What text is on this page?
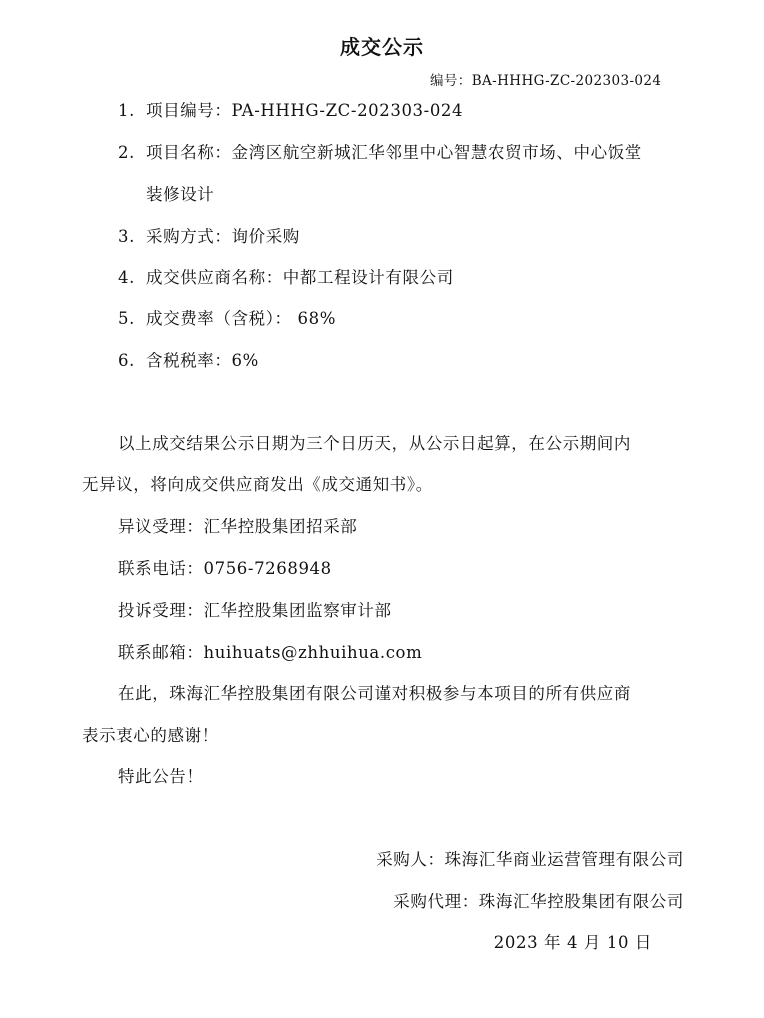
成交公示
编号：BA-HHHG-ZC-202303-024
1. 项目编号：PA-HHHG-ZC-202303-024
2. 项目名称：金湾区航空新城汇华邻里中心智慧农贸市场、中心饭堂
装修设计
3. 采购方式：询价采购
4. 成交供应商名称：中都工程设计有限公司
5. 成交费率（含税）： 68%
6. 含税税率：6%
以上成交结果公示日期为三个日历天，从公示日起算，在公示期间内
无异议，将向成交供应商发出《成交通知书》。
异议受理：汇华控股集团招采部
联系电话：0756-7268948
投诉受理：汇华控股集团监察审计部
联系邮箱：huihuats@zhhuihua.com
在此，珠海汇华控股集团有限公司谨对积极参与本项目的所有供应商
表示衷心的感谢！
特此公告！
采购人：珠海汇华商业运营管理有限公司
采购代理：珠海汇华控股集团有限公司
2023 年 4 月 10 日
